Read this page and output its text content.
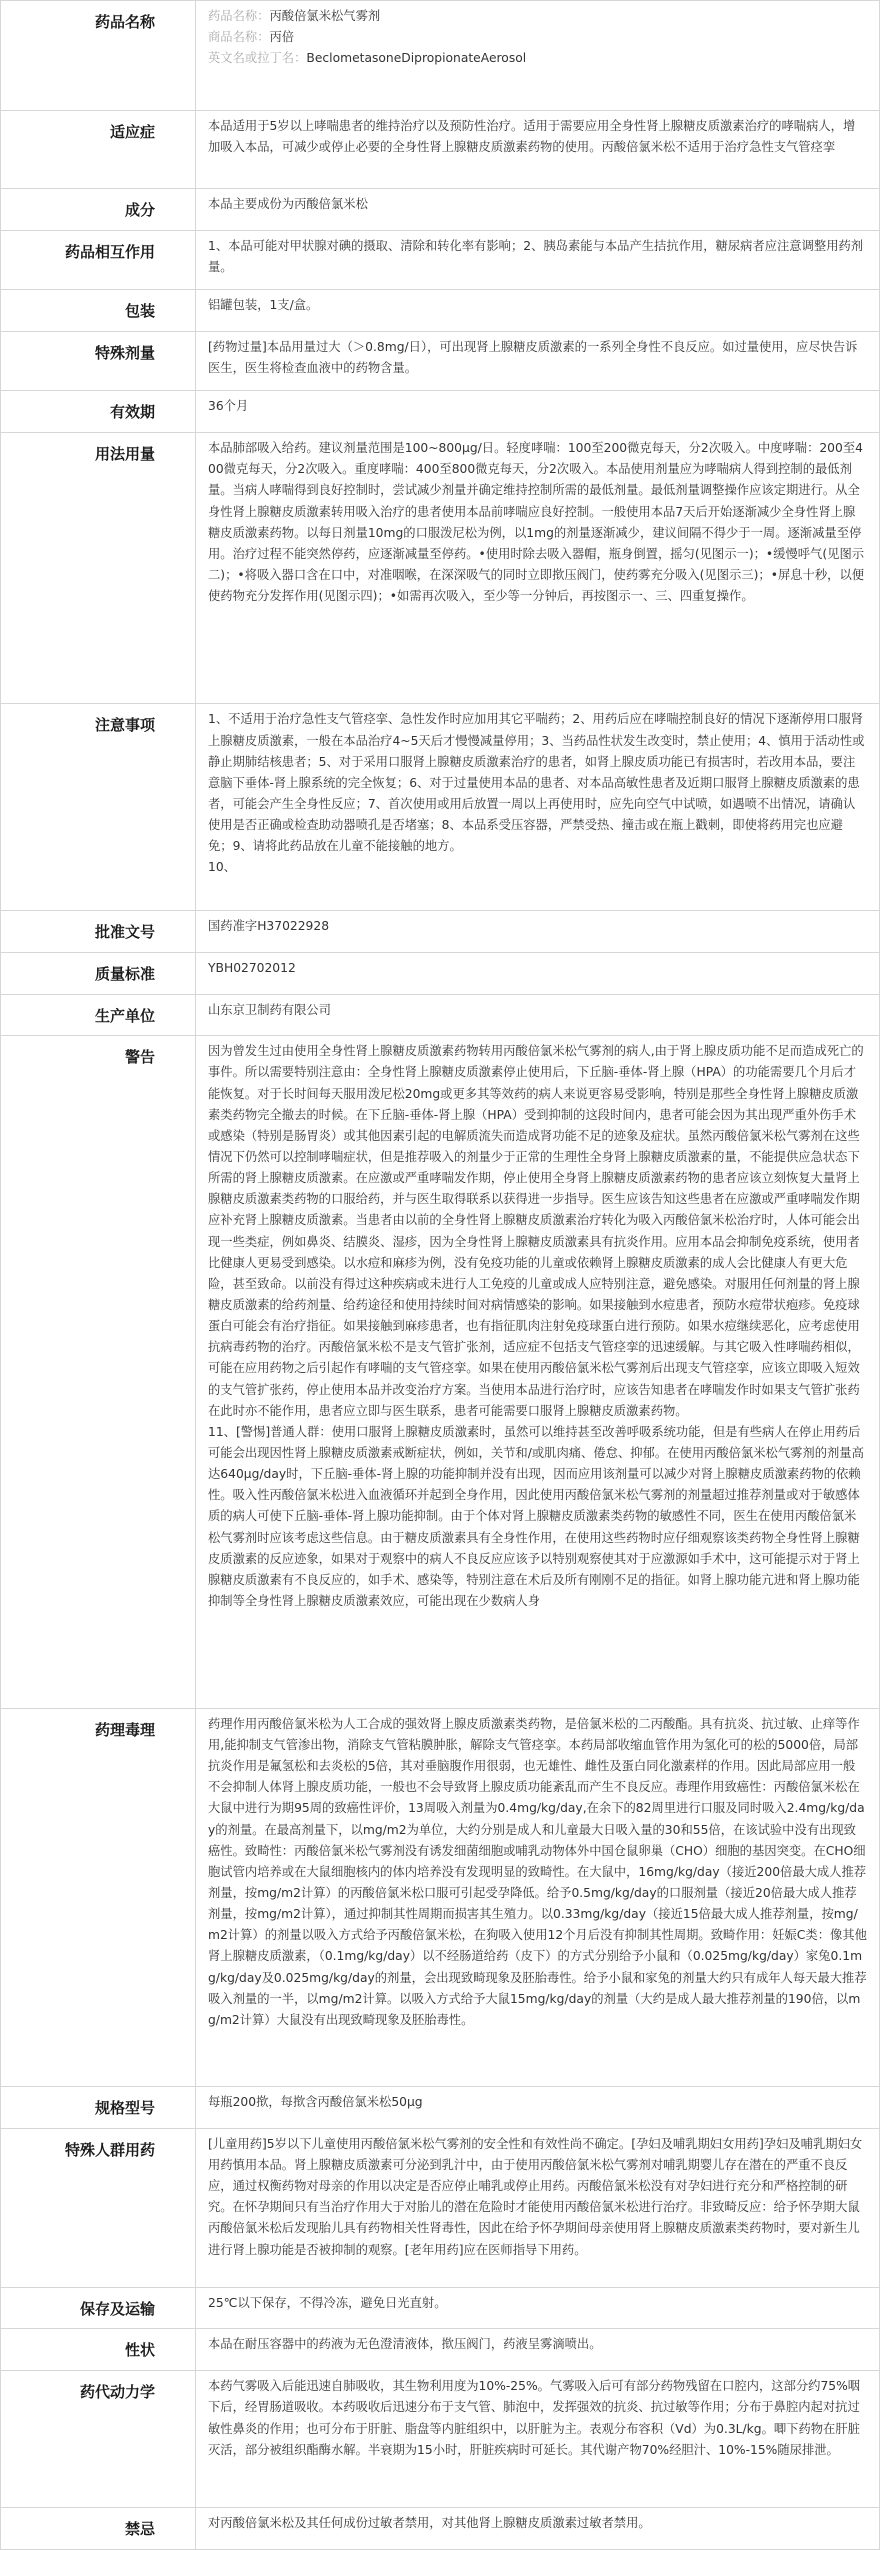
药品名称	药品名称：丙酸倍氯米松气雾剂
商品名称：丙倍
英文名或拉丁名：BeclometasoneDipropionateAerosol

适应症	本品适用于5岁以上哮喘患者的维持治疗以及预防性治疗。适用于需要应用全身性肾上腺糖皮质激素治疗的哮喘病人，增加吸入本品，可减少或停止必要的全身性肾上腺糖皮质激素药物的使用。丙酸倍氯米松不适用于治疗急性支气管痉挛
成分	本品主要成份为丙酸倍氯米松
药品相互作用	1、本品可能对甲状腺对碘的摄取、清除和转化率有影响；2、胰岛素能与本品产生拮抗作用，糖尿病者应注意调整用药剂量。
包装	铝罐包装，1支/盒。
特殊剂量	[药物过量]本品用量过大（＞0.8mg/日），可出现肾上腺糖皮质激素的一系列全身性不良反应。如过量使用，应尽快告诉医生，医生将检查血液中的药物含量。
有效期	36个月
用法用量	本品肺部吸入给药。建议剂量范围是100~800μg/日。轻度哮喘：100至200微克每天，分2次吸入。中度哮喘：200至400微克每天，分2次吸入。重度哮喘：400至800微克每天，分2次吸入。本品使用剂量应为哮喘病人得到控制的最低剂量。当病人哮喘得到良好控制时，尝试减少剂量并确定维持控制所需的最低剂量。最低剂量调整操作应该定期进行。从全身性肾上腺糖皮质激素转用吸入治疗的患者使用本品前哮喘应良好控制。一般使用本品7天后开始逐渐减少全身性肾上腺糖皮质激素药物。以每日剂量10mg的口服泼尼松为例，以1mg的剂量逐渐减少，建议间隔不得少于一周。逐渐减量至停用。治疗过程不能突然停药，应逐渐减量至停药。•使用时除去吸入器帽，瓶身倒置，摇匀(见图示一)；•缓慢呼气(见图示二)；•将吸入器口含在口中，对准咽喉，在深深吸气的同时立即揿压阀门，使药雾充分吸入(见图示三)；•屏息十秒，以便使药物充分发挥作用(见图示四)；•如需再次吸入，至少等一分钟后，再按图示一、三、四重复操作。
注意事项	1、不适用于治疗急性支气管痉挛、急性发作时应加用其它平喘药；2、用药后应在哮喘控制良好的情况下逐渐停用口服肾上腺糖皮质激素，一般在本品治疗4~5天后才慢慢减量停用；3、当药品性状发生改变时，禁止使用；4、慎用于活动性或静止期肺结核患者；5、对于采用口服肾上腺糖皮质激素治疗的患者，如肾上腺皮质功能已有损害时，若改用本品，要注意脑下垂体-肾上腺系统的完全恢复；6、对于过量使用本品的患者、对本品高敏性患者及近期口服肾上腺糖皮质激素的患者，可能会产生全身性反应；7、首次使用或用后放置一周以上再使用时，应先向空气中试喷，如遇喷不出情况，请确认使用是否正确或检查助动器喷孔是否堵塞；8、本品系受压容器，严禁受热、撞击或在瓶上戳刺，即使将药用完也应避免；9、请将此药品放在儿童不能接触的地方。
10、
批准文号	国药准字H37022928
质量标准	YBH02702012
生产单位	山东京卫制药有限公司
警告	因为曾发生过由使用全身性肾上腺糖皮质激素药物转用丙酸倍氯米松气雾剂的病人,由于肾上腺皮质功能不足而造成死亡的事件。所以需要特别注意由：全身性肾上腺糖皮质激素停止使用后，下丘脑-垂体-肾上腺（HPA）的功能需要几个月后才能恢复。对于长时间每天服用泼尼松20mg或更多其等效药的病人来说更容易受影响，特别是那些全身性肾上腺糖皮质激素类药物完全撤去的时候。在下丘脑-垂体-肾上腺（HPA）受到抑制的这段时间内，患者可能会因为其出现严重外伤手术或感染（特别是肠胃炎）或其他因素引起的电解质流失而造成肾功能不足的迹象及症状。虽然丙酸倍氯米松气雾剂在这些情况下仍然可以控制哮喘症状，但是推荐吸入的剂量少于正常的生理性全身肾上腺糖皮质激素的量，不能提供应急状态下所需的肾上腺糖皮质激素。在应激或严重哮喘发作期，停止使用全身肾上腺糖皮质激素药物的患者应该立刻恢复大量肾上腺糖皮质激素类药物的口服给药，并与医生取得联系以获得进一步指导。医生应该告知这些患者在应激或严重哮喘发作期应补充肾上腺糖皮质激素。当患者由以前的全身性肾上腺糖皮质激素治疗转化为吸入丙酸倍氯米松治疗时，人体可能会出现一些类症，例如鼻炎、结膜炎、湿疹，因为全身性肾上腺糖皮质激素具有抗炎作用。应用本品会抑制免疫系统，使用者比健康人更易受到感染。以水痘和麻疹为例，没有免疫功能的儿童或依赖肾上腺糖皮质激素的成人会比健康人有更大危险，甚至致命。以前没有得过这种疾病或未进行人工免疫的儿童或成人应特别注意，避免感染。对服用任何剂量的肾上腺糖皮质激素的给药剂量、给药途径和使用持续时间对病情感染的影响。如果接触到水痘患者，预防水痘带状疱疹。免疫球蛋白可能会有治疗指征。如果接触到麻疹患者，也有指征肌肉注射免疫球蛋白进行预防。如果水痘继续恶化，应考虑使用抗病毒药物的治疗。丙酸倍氯米松不是支气管扩张剂，适应症不包括支气管痉挛的迅速缓解。与其它吸入性哮喘药相似，可能在应用药物之后引起作有哮喘的支气管痉挛。如果在使用丙酸倍氯米松气雾剂后出现支气管痉挛，应该立即吸入短效的支气管扩张药，停止使用本品并改变治疗方案。当使用本品进行治疗时，应该告知患者在哮喘发作时如果支气管扩张药在此时亦不能作用，患者应立即与医生联系，患者可能需要口服肾上腺糖皮质激素药物。
11、[警惕]普通人群：使用口服肾上腺糖皮质激素时，虽然可以维持甚至改善呼吸系统功能，但是有些病人在停止用药后可能会出现因性肾上腺糖皮质激素戒断症状，例如，关节和/或肌肉痛、倦怠、抑郁。在使用丙酸倍氯米松气雾剂的剂量高达640μg/day时，下丘脑-垂体-肾上腺的功能抑制并没有出现，因而应用该剂量可以减少对肾上腺糖皮质激素药物的依赖性。吸入性丙酸倍氯米松进入血液循环并起到全身作用，因此使用丙酸倍氯米松气雾剂的剂量超过推荐剂量或对于敏感体质的病人可使下丘脑-垂体-肾上腺功能抑制。由于个体对肾上腺糖皮质激素类药物的敏感性不同，医生在使用丙酸倍氯米松气雾剂时应该考虑这些信息。由于糖皮质激素具有全身性作用，在使用这些药物时应仔细观察该类药物全身性肾上腺糖皮质激素的反应迹象，如果对于观察中的病人不良反应应该予以特别观察使其对于应激源如手术中，这可能提示对于肾上腺糖皮质激素有不良反应的，如手术、感染等，特别注意在术后及所有刚刚不足的指征。如肾上腺功能亢进和肾上腺功能抑制等全身性肾上腺糖皮质激素效应，可能出现在少数病人身
药理毒理	药理作用丙酸倍氯米松为人工合成的强效肾上腺皮质激素类药物，是倍氯米松的二丙酸酯。具有抗炎、抗过敏、止痒等作用,能抑制支气管渗出物，消除支气管粘膜肿胀，解除支气管痉挛。本药局部收缩血管作用为氢化可的松的5000倍，局部抗炎作用是氟氢松和去炎松的5倍，其对垂脑腹作用很弱，也无雄性、雌性及蛋白同化激素样的作用。因此局部应用一般不会抑制人体肾上腺皮质功能，一般也不会导致肾上腺皮质功能紊乱而产生不良反应。毒理作用致癌性：丙酸倍氯米松在大鼠中进行为期95周的致癌性评价，13周吸入剂量为0.4mg/kg/day,在余下的82周里进行口服及同时吸入2.4mg/kg/day的剂量。在最高剂量下，以mg/m2为单位，大约分别是成人和儿童最大日吸入量的30和55倍，在该试验中没有出现致癌性。致畸性：丙酸倍氯米松气雾剂没有诱发细菌细胞或哺乳动物体外中国仓鼠卵巢（CHO）细胞的基因突变。在CHO细胞试管内培养或在大鼠细胞核内的体内培养没有发现明显的致畸性。在大鼠中，16mg/kg/day（接近200倍最大成人推荐剂量，按mg/m2计算）的丙酸倍氯米松口服可引起受孕降低。给予0.5mg/kg/day的口服剂量（接近20倍最大成人推荐剂量，按mg/m2计算），通过抑制其性周期而损害其生殖力。以0.33mg/kg/day（接近15倍最大成人推荐剂量，按mg/m2计算）的剂量以吸入方式给予丙酸倍氯米松，在狗吸入使用12个月后没有抑制其性周期。致畸作用：妊娠C类：像其他肾上腺糖皮质激素，（0.1mg/kg/day）以不经肠道给药（皮下）的方式分别给予小鼠和（0.025mg/kg/day）家兔0.1mg/kg/day及0.025mg/kg/day的剂量，会出现致畸现象及胚胎毒性。给予小鼠和家兔的剂量大约只有成年人每天最大推荐吸入剂量的一半，以mg/m2计算。以吸入方式给予大鼠15mg/kg/day的剂量（大约是成人最大推荐剂量的190倍，以mg/m2计算）大鼠没有出现致畸现象及胚胎毒性。
规格型号	每瓶200揿，每揿含丙酸倍氯米松50μg
特殊人群用药	[儿童用药]5岁以下儿童使用丙酸倍氯米松气雾剂的安全性和有效性尚不确定。[孕妇及哺乳期妇女用药]孕妇及哺乳期妇女用药慎用本品。肾上腺糖皮质激素可分泌到乳汁中，由于使用丙酸倍氯米松气雾剂对哺乳期婴儿存在潜在的严重不良反应，通过权衡药物对母亲的作用以决定是否应停止哺乳或停止用药。丙酸倍氯米松没有对孕妇进行充分和严格控制的研究。在怀孕期间只有当治疗作用大于对胎儿的潜在危险时才能使用丙酸倍氯米松进行治疗。非致畸反应：给予怀孕期大鼠丙酸倍氯米松后发现胎儿具有药物相关性肾毒性，因此在给予怀孕期间母亲使用肾上腺糖皮质激素类药物时，要对新生儿进行肾上腺功能是否被抑制的观察。[老年用药]应在医师指导下用药。
保存及运输	25℃以下保存，不得冷冻，避免日光直射。
性状	本品在耐压容器中的药液为无色澄清液体，揿压阀门，药液呈雾滴喷出。
药代动力学	本药气雾吸入后能迅速自肺吸收，其生物利用度为10%-25%。气雾吸入后可有部分药物残留在口腔内，这部分约75%咽下后，经胃肠道吸收。本药吸收后迅速分布于支气管、肺泡中，发挥强效的抗炎、抗过敏等作用；分布于鼻腔内起对抗过敏性鼻炎的作用；也可分布于肝脏、脂盘等内脏组织中，以肝脏为主。表观分布容积（Vd）为0.3L/kg。唧下药物在肝脏灭活，部分被组织酯酶水解。半衰期为15小时，肝脏疾病时可延长。其代谢产物70%经胆汁、10%-15%随尿排泄。
禁忌	对丙酸倍氯米松及其任何成份过敏者禁用，对其他肾上腺糖皮质激素过敏者禁用。
